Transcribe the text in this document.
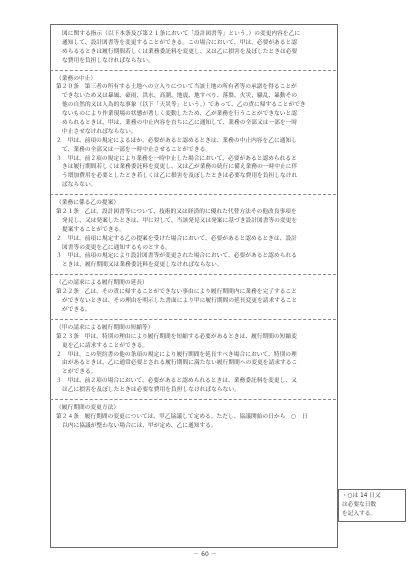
図に関する指示（以下本条及び第２１条において「設計図書等」という。）の変更内容を乙に
通知して、設計図書等を変更することができる。この場合において、甲は、必要があると認
めらるるときは履行期間若しくは業務委託料を変更し、又は乙に損害を及ぼしたときは必要
な費用を負担しなければならない。
（業務の中止）
第２０条　第三者の所有する土地への立入りについて当該土地の所有者等の承諾を得ることが
できないため又は暴風、豪雨、洪水、高潮、地震、地すべり、落盤、火災、騒乱、暴動その
他の自然的又は人為的な事象（以下「天災等」という。）であって、乙の責に帰することができ
ないものにより作業現場の状態が著しく変動したため、乙が業務を行うことができないと認
められるときは、甲は、業務の中止内容を直ちに乙に通知して、業務の全部又は一部を一時
中止させなければならない。
２　甲は、前項の規定によるほか、必要があると認めるときは、業務の中止内容を乙に通知し
て、業務の全部又は一部を一時中止させることができる。
３　甲は、前２項の規定により業務を一時中止した場合において、必要があると認められると
きは履行期間若しくは業務委託料を変更し、又は乙が業務の続行に備え業務の一時中止に伴
う増加費用を必要としたとき若しくは乙に損害を及ぼしたときは必要な費用を負担しなけれ
ばならない。
（業務に係る乙の提案）
第２１条　乙は、設計図書等について、技術的又は経済的に優れた代替方法その他改良事項を
発見し、又は発案したときは、甲に対して、当該発見又は発案に基づき設計図書等の変更を
提案することができる。
２　甲は、前項に規定する乙の提案を受けた場合において、必要があると認めるときは、設計
図書等の変更を乙に通知するものとする。
３　甲は、前項の規定により設計図書等が変更された場合において、必要があると認められる
ときは、履行期間又は業務委託料を変更しなければならない。
（乙の請求による履行期間の延長）
第２２条　乙は、その責に帰することができない事由により履行期間内に業務を完了すること
ができないときは、その理由を明示した書面により甲に履行期間の延長変更を請求すること
ができる。
（甲の請求による履行期間の短縮等）
第２３条　甲は、特別の理由により履行期間を短縮する必要があるときは、履行期間の短縮変
更を乙に請求することができる。
２　甲は、この契約書の他の条項の規定により履行期間を延長すべき場合において、特別の理
由があるときは、乙に通常必要とされる履行期間に満たない履行期間への変更を請求するこ
とができる。
３　甲は、前２項の場合において、必要があると認められるときは、業務委託料を変更し、又
は乙に損害を及ぼしたときは必要な費用を負担しなければならない。
（履行期間の変更方法）
第２４条　履行期間の変更については、甲乙協議して定める。ただし、協議開始の日から　○　日
以内に協議が整わない場合には、甲が定め、乙に通知する。
・○は 14 日又
は必要な日数
を記入する。
－ 60 －
